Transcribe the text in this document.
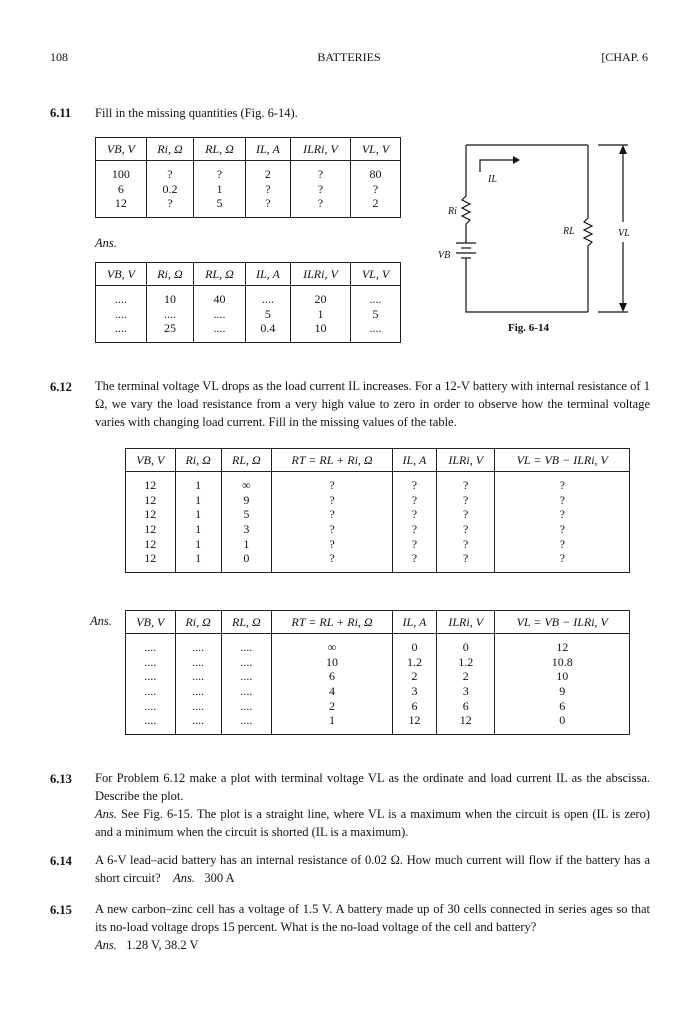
108	BATTERIES	[CHAP. 6
6.11 Fill in the missing quantities (Fig. 6-14).
VB, V	Ri, Ω	RL, Ω	IL, A	ILRi, V	VL, V
100	?	?	2	?	80
6	0.2	1	?	?	?
12	?	5	?	?	2
Ans.
VB, V	Ri, Ω	RL, Ω	IL, A	ILRi, V	VL, V
....	10	40	....	20	....
....	....	....	5	1	5
....	25	....	0.4	10	....
IL
Ri
VB
RL	VL
Fig. 6-14
6.12 The terminal voltage VL drops as the load current IL increases. For a 12-V battery with internal resistance of 1 Ω, we vary the load resistance from a very high value to zero in order to observe how the terminal voltage varies with changing load current. Fill in the missing values of the table.
VB, V	Ri, Ω	RL, Ω	RT = RL + Ri, Ω	IL, A	ILRi, V	VL = VB − ILRi, V
12	1	∞	?	?	?	?
12	1	9	?	?	?	?
12	1	5	?	?	?	?
12	1	3	?	?	?	?
12	1	1	?	?	?	?
12	1	0	?	?	?	?
Ans. VB, V	Ri, Ω	RL, Ω	RT = RL + Ri, Ω	IL, A	ILRi, V	VL = VB − ILRi, V
....	....	....	∞	0	0	12
....	....	....	10	1.2	1.2	10.8
....	....	....	6	2	2	10
....	....	....	4	3	3	9
....	....	....	2	6	6	6
....	....	....	1	12	12	0
6.13 For Problem 6.12 make a plot with terminal voltage VL as the ordinate and load current IL as the abscissa. Describe the plot.
Ans. See Fig. 6-15. The plot is a straight line, where VL is a maximum when the circuit is open (IL is zero) and a minimum when the circuit is shorted (IL is a maximum).
6.14 A 6-V lead–acid battery has an internal resistance of 0.02 Ω. How much current will flow if the battery has a short circuit? Ans. 300 A
6.15 A new carbon–zinc cell has a voltage of 1.5 V. A battery made up of 30 cells connected in series ages so that its no-load voltage drops 15 percent. What is the no-load voltage of the cell and battery?
Ans. 1.28 V, 38.2 V
